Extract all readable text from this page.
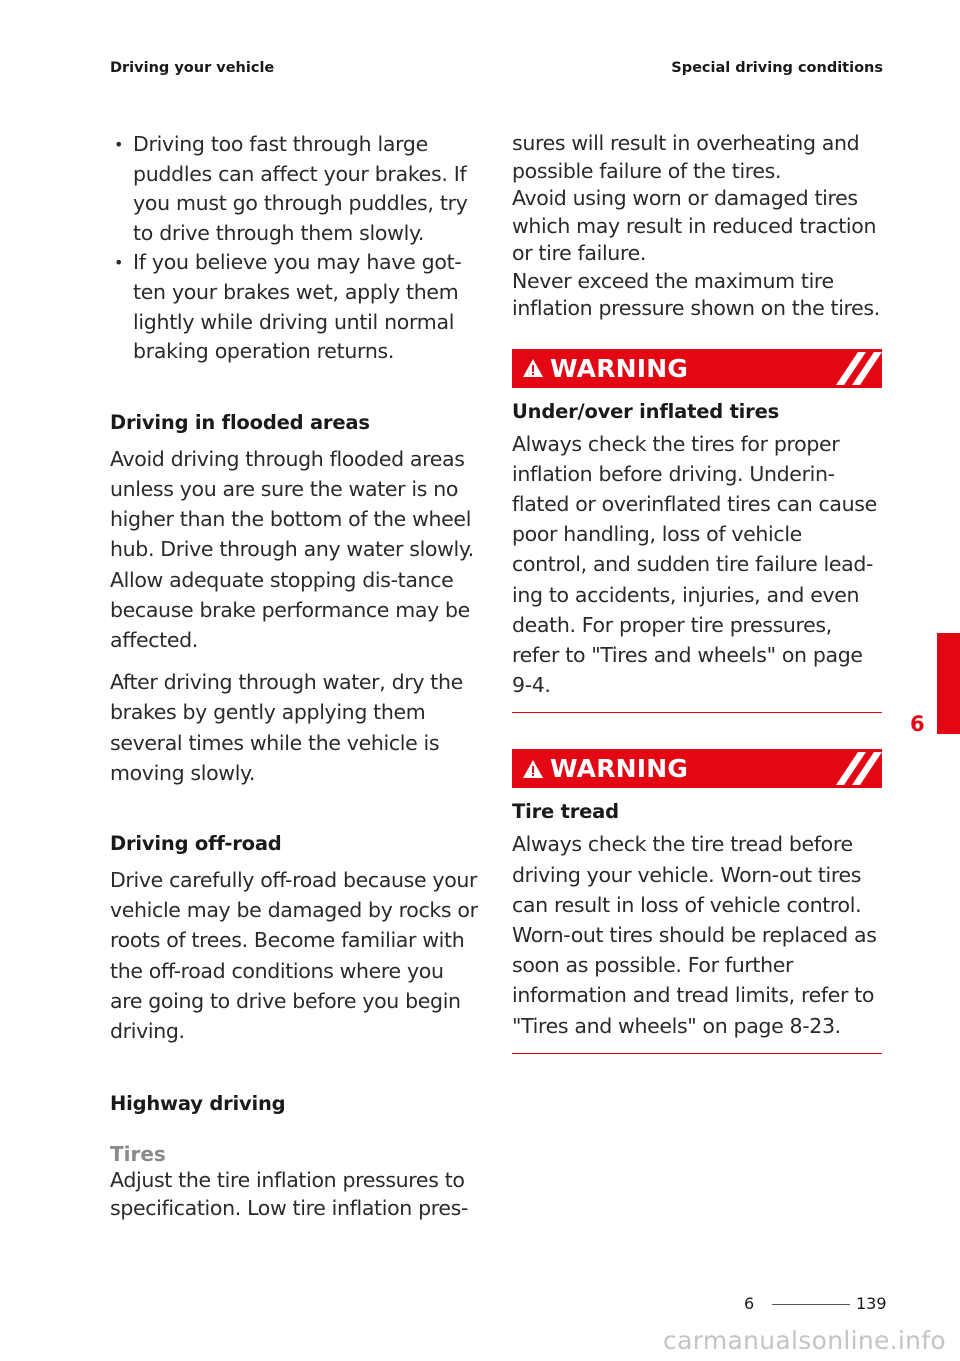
Driving your vehicle	Special driving conditions
• Driving too fast through large puddles can affect your brakes. If you must go through puddles, try to drive through them slowly.
• If you believe you may have got-ten your brakes wet, apply them lightly while driving until normal braking operation returns.
Driving in flooded areas

Avoid driving through flooded areas unless you are sure the water is no higher than the bottom of the wheel hub. Drive through any water slowly. Allow adequate stopping dis-tance because brake performance may be affected.

After driving through water, dry the brakes by gently applying them several times while the vehicle is moving slowly.

Driving off-road

Drive carefully off-road because your vehicle may be damaged by rocks or roots of trees. Become familiar with the off-road conditions where you are going to drive before you begin driving.

Highway driving
Tires

Adjust the tire inflation pressures to specification. Low tire inflation pres-

sures will result in overheating and possible failure of the tires.

Avoid using worn or damaged tires which may result in reduced traction or tire failure.

Never exceed the maximum tire inflation pressure shown on the tires.

WARNING
Under/over inflated tires

Always check the tires for proper inflation before driving. Underin-flated or overinflated tires can cause poor handling, loss of vehicle control, and sudden tire failure lead-ing to accidents, injuries, and even death. For proper tire pressures, refer to "Tires and wheels" on page 9-4.

WARNING
Tire tread

Always check the tire tread before driving your vehicle. Worn-out tires can result in loss of vehicle control. Worn-out tires should be replaced as soon as possible. For further information and tread limits, refer to "Tires and wheels" on page 8-23.

6
6	139
carmanualsonline.info
